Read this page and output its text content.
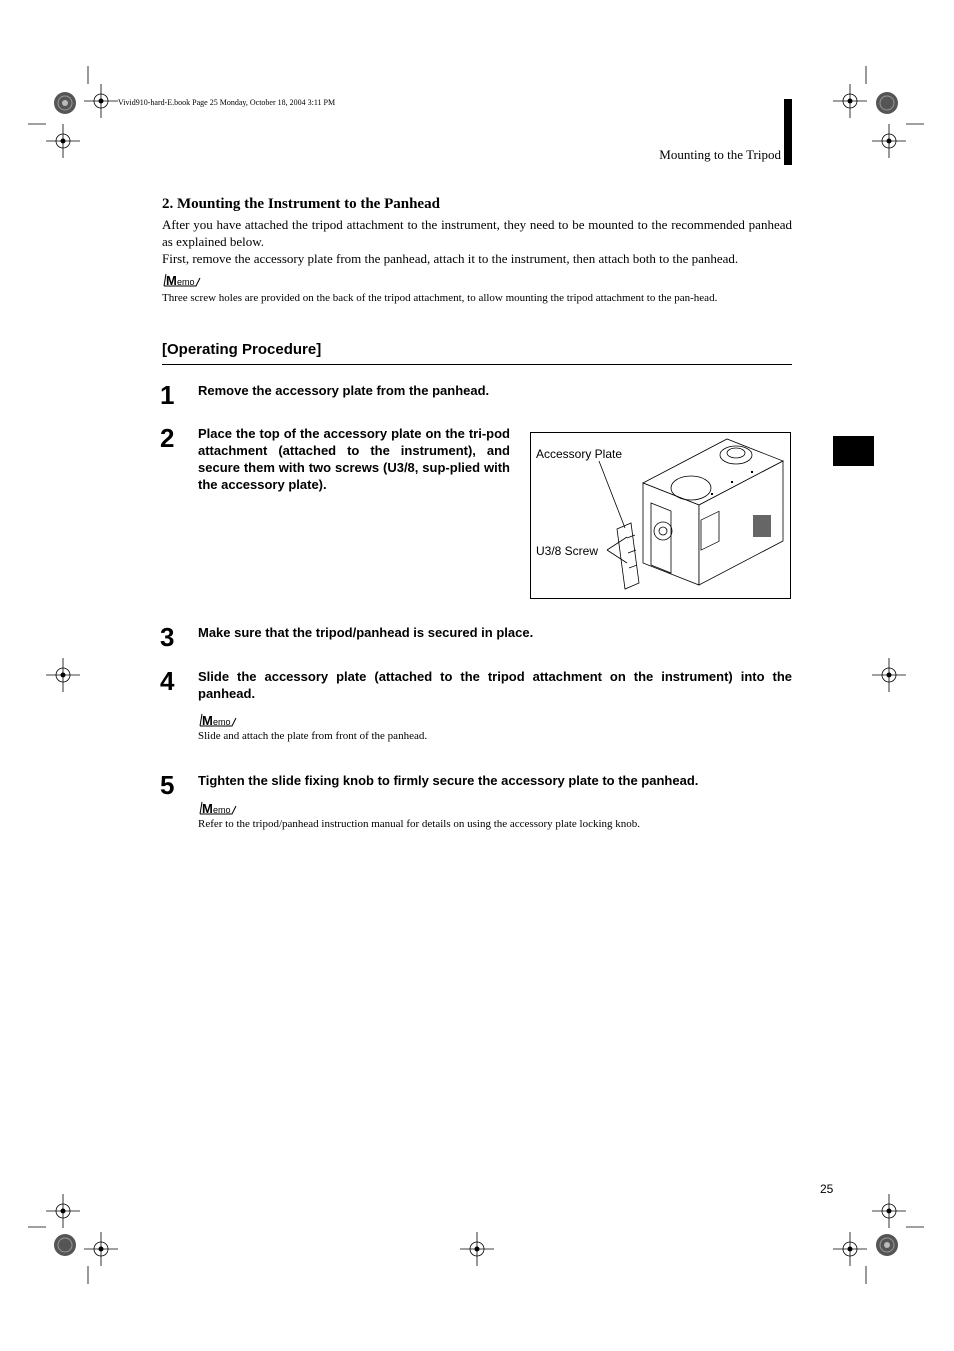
Vivid910-hard-E.book Page 25 Monday, October 18, 2004 3:11 PM
Mounting to the Tripod
2. Mounting the Instrument to the Panhead
After you have attached the tripod attachment to the instrument, they need to be mounted to the recommended panhead as explained below.
First, remove the accessory plate from the panhead, attach it to the instrument, then attach both to the panhead.
M emo
Three screw holes are provided on the back of the tripod attachment, to allow mounting the tripod attachment to the pan-head.
[Operating Procedure]
1 Remove the accessory plate from the panhead.
2 Place the top of the accessory plate on the tri-pod attachment (attached to the instrument), and secure them with two screws (U3/8, sup-plied with the accessory plate).
Accessory Plate
U3/8 Screw
3 Make sure that the tripod/panhead is secured in place.
4 Slide the accessory plate (attached to the tripod attachment on the instrument) into the panhead.
M emo
Slide and attach the plate from front of the panhead.
5 Tighten the slide fixing knob to firmly secure the accessory plate to the panhead.
M emo
Refer to the tripod/panhead instruction manual for details on using the accessory plate locking knob.
25
